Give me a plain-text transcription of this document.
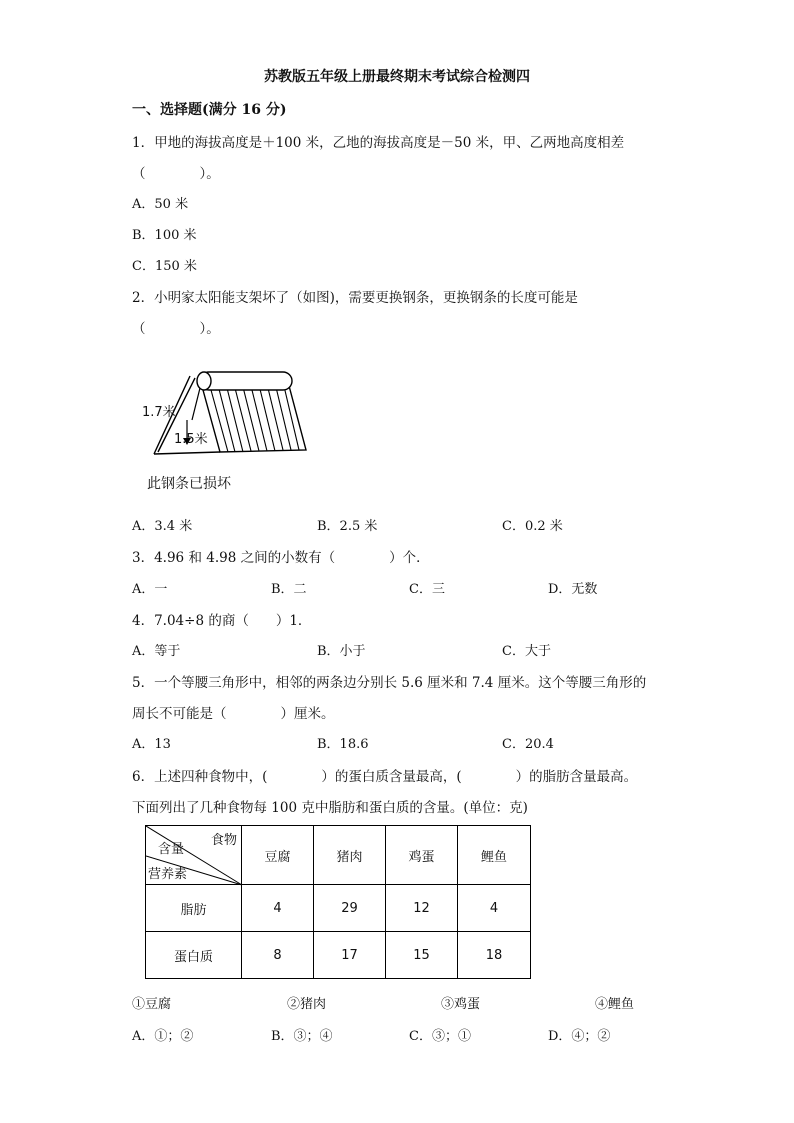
苏教版五年级上册最终期末考试综合检测四
一、选择题(满分 16 分)
1．甲地的海拔高度是＋100 米，乙地的海拔高度是－50 米，甲、乙两地高度相差
（　　　　）。
A．50 米
B．100 米
C．150 米
2．小明家太阳能支架坏了（如图)，需要更换钢条，更换钢条的长度可能是
（　　　　）。
1.7米
1.5米
此钢条已损坏
A．3.4 米	B．2.5 米	C．0.2 米
3．4.96 和 4.98 之间的小数有（　　　　）个．
A．一	B．二	C．三	D．无数
4．7.04÷8 的商（　　）1．
A．等于	B．小于	C．大于
5．一个等腰三角形中，相邻的两条边分别长 5.6 厘米和 7.4 厘米。这个等腰三角形的
周长不可能是（　　　　）厘米。
A．13	B．18.6	C．20.4
6．上述四种食物中，(　　　　）的蛋白质含量最高，(　　　　）的脂肪含量最高。
下面列出了几种食物每 100 克中脂肪和蛋白质的含量。(单位：克)
食物
含量
营养素	豆腐	猪肉	鸡蛋	鲤鱼
脂肪	4	29	12	4
蛋白质	8	17	15	18
①豆腐	②猪肉	③鸡蛋	④鲤鱼
A．①；②	B．③；④	C．③；①	D．④；②
